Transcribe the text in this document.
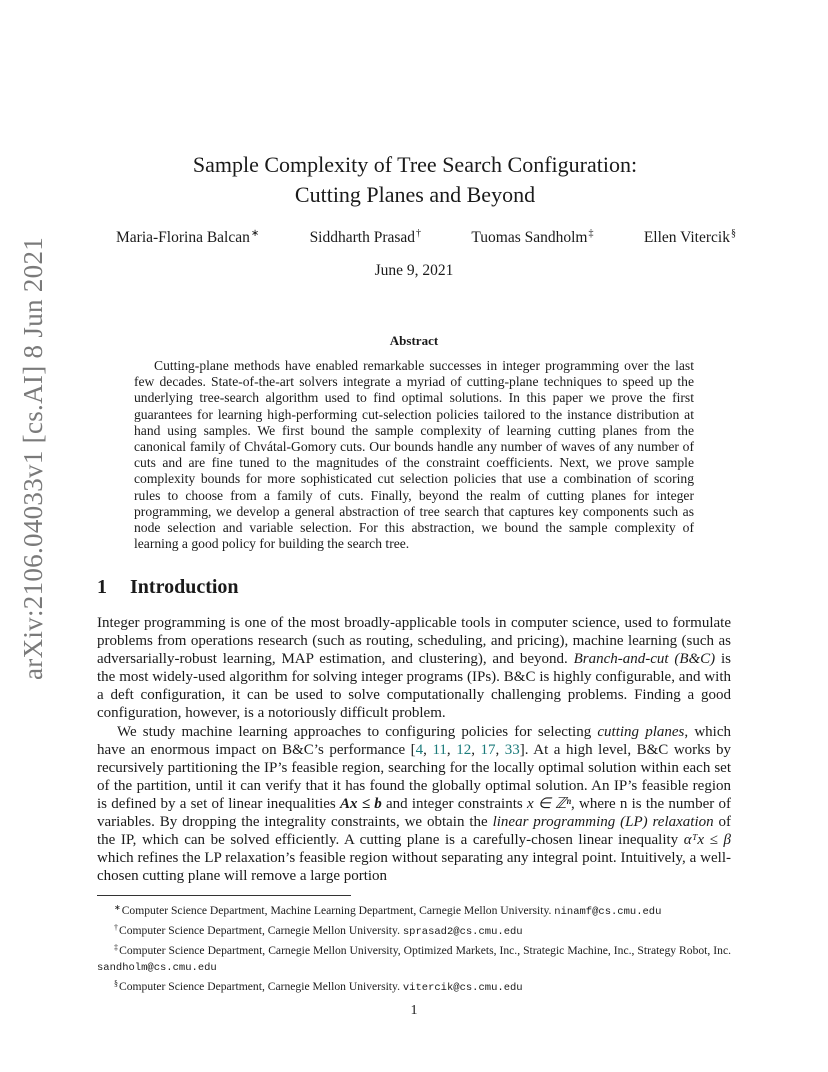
arXiv:2106.04033v1 [cs.AI] 8 Jun 2021
Sample Complexity of Tree Search Configuration:
Cutting Planes and Beyond
Maria-Florina Balcan∗	Siddharth Prasad†	Tuomas Sandholm‡	Ellen Vitercik§
June 9, 2021
Abstract
Cutting-plane methods have enabled remarkable successes in integer programming over the last few decades. State-of-the-art solvers integrate a myriad of cutting-plane techniques to speed up the underlying tree-search algorithm used to find optimal solutions. In this paper we prove the first guarantees for learning high-performing cut-selection policies tailored to the instance distribution at hand using samples. We first bound the sample complexity of learning cutting planes from the canonical family of Chvátal-Gomory cuts. Our bounds handle any number of waves of any number of cuts and are fine tuned to the magnitudes of the constraint coefficients. Next, we prove sample complexity bounds for more sophisticated cut selection policies that use a combination of scoring rules to choose from a family of cuts. Finally, beyond the realm of cutting planes for integer programming, we develop a general abstraction of tree search that captures key components such as node selection and variable selection. For this abstraction, we bound the sample complexity of learning a good policy for building the search tree.
1 Introduction

Integer programming is one of the most broadly-applicable tools in computer science, used to formulate problems from operations research (such as routing, scheduling, and pricing), machine learning (such as adversarially-robust learning, MAP estimation, and clustering), and beyond. Branch-and-cut (B&C) is the most widely-used algorithm for solving integer programs (IPs). B&C is highly configurable, and with a deft configuration, it can be used to solve computationally challenging problems. Finding a good configuration, however, is a notoriously difficult problem.

We study machine learning approaches to configuring policies for selecting cutting planes, which have an enormous impact on B&C’s performance [4, 11, 12, 17, 33]. At a high level, B&C works by recursively partitioning the IP’s feasible region, searching for the locally optimal solution within each set of the partition, until it can verify that it has found the globally optimal solution. An IP’s feasible region is defined by a set of linear inequalities Ax ≤ b and integer constraints x ∈ ℤⁿ, where n is the number of variables. By dropping the integrality constraints, we obtain the linear programming (LP) relaxation of the IP, which can be solved efficiently. A cutting plane is a carefully-chosen linear inequality αᵀx ≤ β which refines the LP relaxation’s feasible region without separating any integral point. Intuitively, a well-chosen cutting plane will remove a large portion

∗Computer Science Department, Machine Learning Department, Carnegie Mellon University. ninamf@cs.cmu.edu
†Computer Science Department, Carnegie Mellon University. sprasad2@cs.cmu.edu
‡Computer Science Department, Carnegie Mellon University, Optimized Markets, Inc., Strategic Machine, Inc., Strategy Robot, Inc. sandholm@cs.cmu.edu
§Computer Science Department, Carnegie Mellon University. vitercik@cs.cmu.edu
1
